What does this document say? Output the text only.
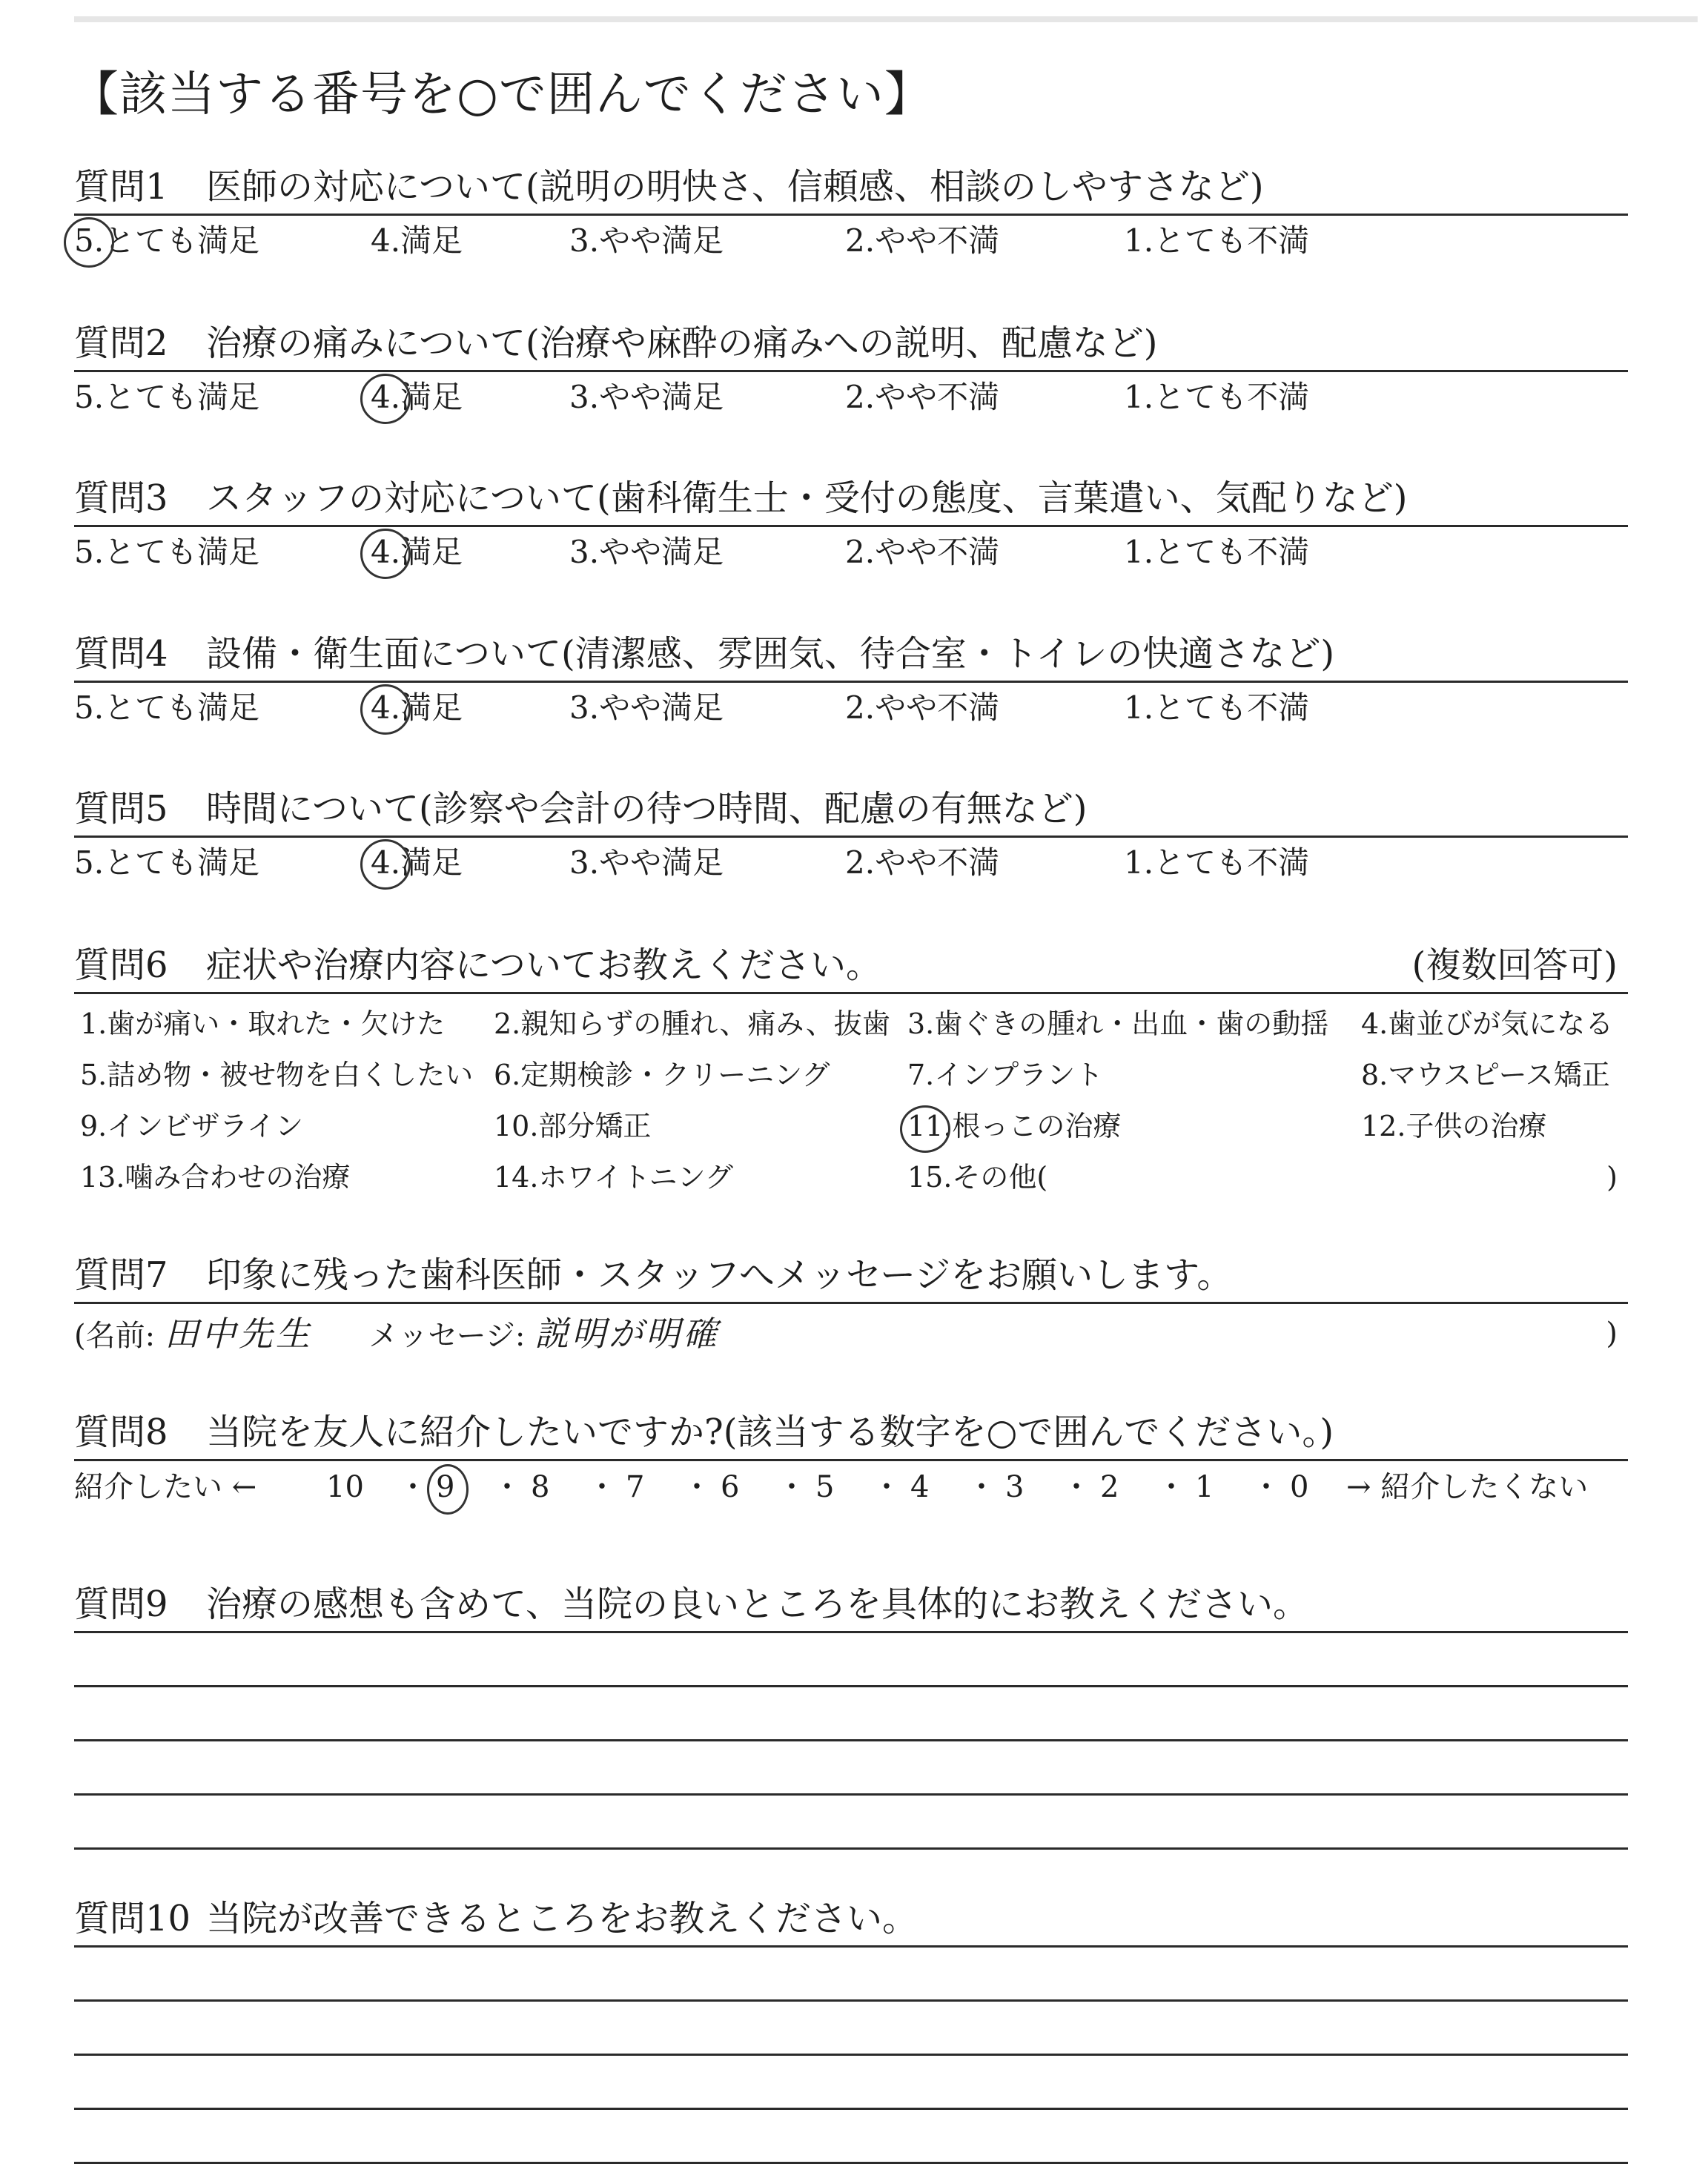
【該当する番号を○で囲んでください】
質問1 医師の対応について(説明の明快さ、信頼感、相談のしやすさなど)
5.とても満足	4.満足	3.やや満足	2.やや不満	1.とても不満
質問2 治療の痛みについて(治療や麻酔の痛みへの説明、配慮など)
5.とても満足	4.満足	3.やや満足	2.やや不満	1.とても不満
質問3 スタッフの対応について(歯科衛生士・受付の態度、言葉遣い、気配りなど)
5.とても満足	4.満足	3.やや満足	2.やや不満	1.とても不満
質問4 設備・衛生面について(清潔感、雰囲気、待合室・トイレの快適さなど)
5.とても満足	4.満足	3.やや満足	2.やや不満	1.とても不満
質問5 時間について(診察や会計の待つ時間、配慮の有無など)
5.とても満足	4.満足	3.やや満足	2.やや不満	1.とても不満
質問6 症状や治療内容についてお教えください。	(複数回答可)
1.歯が痛い・取れた・欠けた 2.親知らずの腫れ、痛み、抜歯 3.歯ぐきの腫れ・出血・歯の動揺 4.歯並びが気になる
5.詰め物・被せ物を白くしたい 6.定期検診・クリーニング	7.インプラント	8.マウスピース矯正
9.インビザライン	10.部分矯正	11.根っこの治療	12.子供の治療
13.噛み合わせの治療	14.ホワイトニング	15.その他(	)
質問7 印象に残った歯科医師・スタッフへメッセージをお願いします。
(名前: 田中先生 メッセージ: 説明が明確	)
質問8 当院を友人に紹介したいですか?(該当する数字を○で囲んでください。)
紹介したい ← 10 ・ 9 ・ 8 ・ 7 ・ 6 ・ 5 ・ 4 ・ 3 ・ 2 ・ 1 ・ 0 → 紹介したくない
質問9 治療の感想も含めて、当院の良いところを具体的にお教えください。
質問10 当院が改善できるところをお教えください。
